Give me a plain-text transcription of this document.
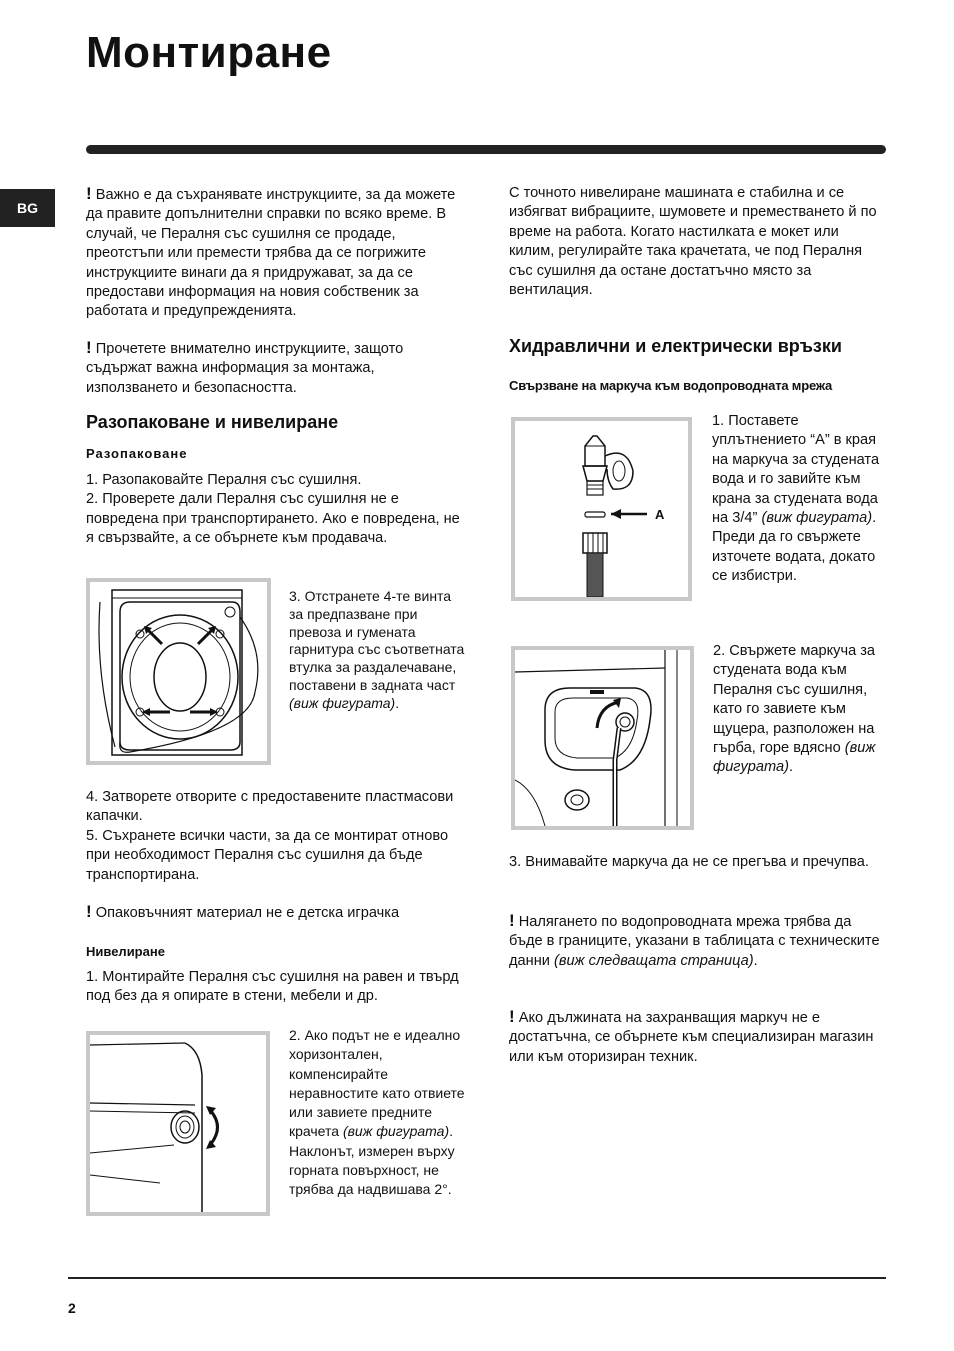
Монтиране
BG

! Важно е да съхранявате инструкциите, за да можете да правите допълнителни справки по всяко време. В случай, че Пералня със сушилня се продаде, преотстъпи или премести трябва да се погрижите инструкциите винаги да я придружават, за да се предостави информация на новия собственик за работата и предупрежденията.

! Прочетете внимателно инструкциите, защото съдържат важна информация за монтажа, използването и безопасността.

Разопаковане и нивелиране
Разопаковане

1. Разопаковайте Пералня със сушилня.

2. Проверете дали Пералня със сушилня не е повредена при транспортирането. Ако е повредена, не я свързвайте, а се обърнете към продавача.

3. Отстранете 4-те винта за предпазване при превоза и гумената гарнитура със съответната втулка за раздалечаване, поставени в задната част (виж фигурата).

4. Затворете отворите с предоставените пластмасови капачки.

5. Съхранете всички части, за да се монтират отново при необходимост Пералня със сушилня да бъде транспортирана.

! Опаковъчният материал не е детска играчка

Нивелиране
1. Монтирайте Пералня със сушилня на равен и твърд под без да я опирате в стени, мебели и др.

2. Ако подът не е идеално хоризонтален, компенсирайте неравностите като отвиете или завиете предните крачета (виж фигурата). Наклонът, измерен върху горната повърхност, не трябва да надвишава 2°.

С точното нивелиране машината е стабилна и се избягват вибрациите, шумовете и преместването й по време на работа. Когато настилката е мокет или килим, регулирайте така крачетата, че под Пералня със сушилня да остане достатъчно място за вентилация.
Хидравлични и електрически връзки
Свързване на маркуча към водопроводната мрежа
A

1. Поставете уплътнението “A” в края на маркуча за студената вода и го завийте към крана за студената вода на 3/4” (виж фигурата). Преди да го свържете източете водата, докато се избистри.

2. Свържете маркуча за студената вода към Пералня със сушилня, като го завиете към щуцера, разположен на гърба, горе вдясно (виж фигурата).

3. Внимавайте маркуча да не се прегъва и пречупва.

! Налягането по водопроводната мрежа трябва да бъде в границите, указани в таблицата с техническите данни (виж следващата страница).

! Ако дължината на захранващия маркуч не е достатъчна, се обърнете към специализиран магазин или към оторизиран техник.

2
